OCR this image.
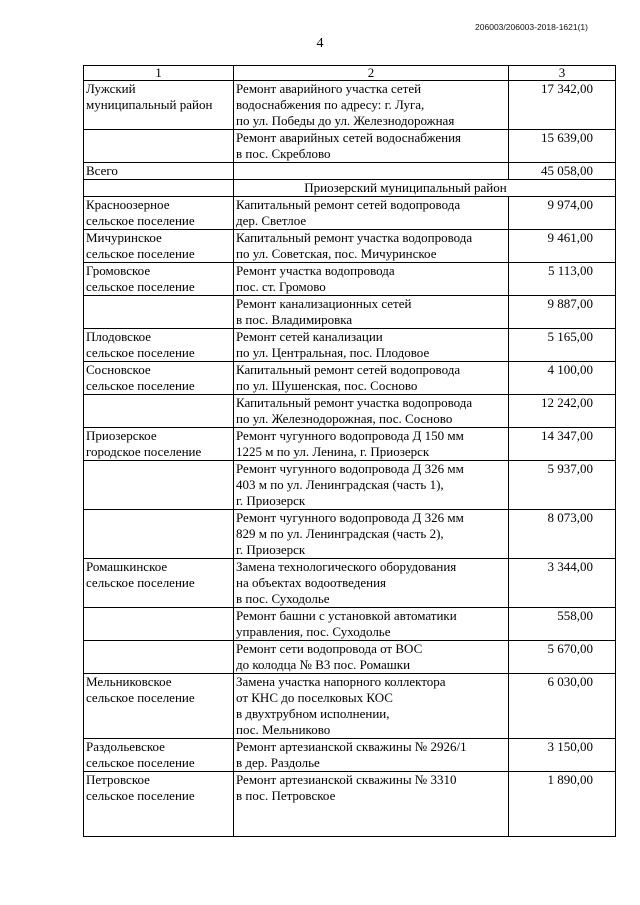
206003/206003-2018-1621(1)
4
1	2	3
Лужский
муниципальный район	Ремонт аварийного участка сетей
водоснабжения по адресу: г. Луга,
по ул. Победы до ул. Железнодорожная	17 342,00
	Ремонт аварийных сетей водоснабжения
в пос. Скреблово	15 639,00
Всего		45 058,00
	Приозерский муниципальный район	
Красноозерное
сельское поселение	Капитальный ремонт сетей водопровода
дер. Светлое	9 974,00
Мичуринское
сельское поселение	Капитальный ремонт участка водопровода
по ул. Советская, пос. Мичуринское	9 461,00
Громовское
сельское поселение	Ремонт участка водопровода
пос. ст. Громово	5 113,00
	Ремонт канализационных сетей
в пос. Владимировка	9 887,00
Плодовское
сельское поселение	Ремонт сетей канализации
по ул. Центральная, пос. Плодовое	5 165,00
Сосновское
сельское поселение	Капитальный ремонт сетей водопровода
по ул. Шушенская, пос. Сосново	4 100,00
	Капитальный ремонт участка водопровода
по ул. Железнодорожная, пос. Сосново	12 242,00
Приозерское
городское поселение	Ремонт чугунного водопровода Д 150 мм
1225 м по ул. Ленина, г. Приозерск	14 347,00
	Ремонт чугунного водопровода Д 326 мм
403 м по ул. Ленинградская (часть 1),
г. Приозерск	5 937,00
	Ремонт чугунного водопровода Д 326 мм
829 м по ул. Ленинградская (часть 2),
г. Приозерск	8 073,00
Ромашкинское
сельское поселение	Замена технологического оборудования
на объектах водоотведения
в пос. Суходолье	3 344,00
	Ремонт башни с установкой автоматики
управления, пос. Суходолье	558,00
	Ремонт сети водопровода от ВОС
до колодца № В3 пос. Ромашки	5 670,00
Мельниковское
сельское поселение	Замена участка напорного коллектора
от КНС до поселковых КОС
в двухтрубном исполнении,
пос. Мельниково	6 030,00
Раздольевское
сельское поселение	Ремонт артезианской скважины № 2926/1
в дер. Раздолье	3 150,00
Петровское
сельское поселение	Ремонт артезианской скважины № 3310
в пос. Петровское	1 890,00
